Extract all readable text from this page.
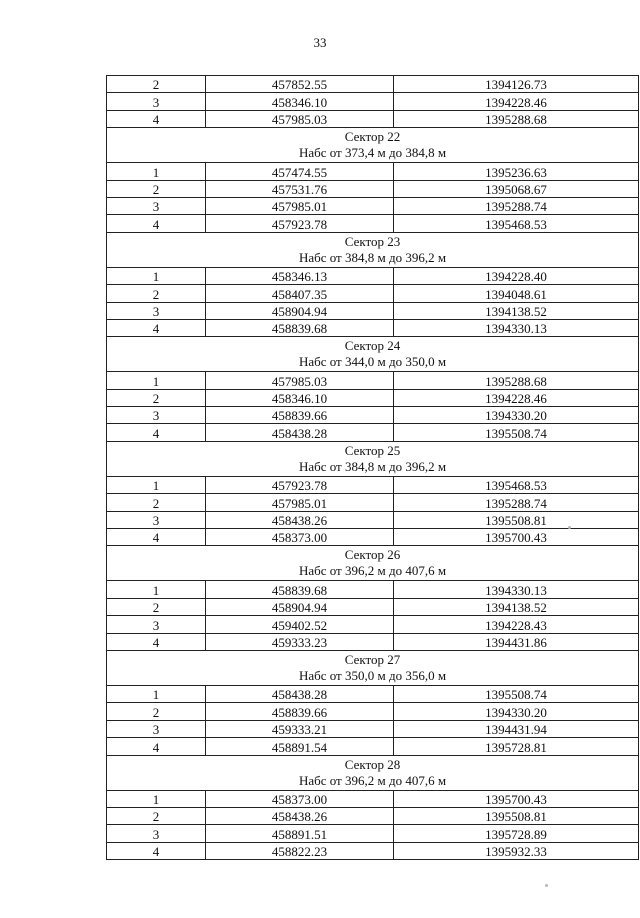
33
2	457852.55	1394126.73
3	458346.10	1394228.46
4	457985.03	1395288.68

Сектор 22
Набс от 373,4 м до 384,8 м		

1	457474.55	1395236.63
2	457531.76	1395068.67
3	457985.01	1395288.74
4	457923.78	1395468.53

Сектор 23
Набс от 384,8 м до 396,2 м		

1	458346.13	1394228.40
2	458407.35	1394048.61
3	458904.94	1394138.52
4	458839.68	1394330.13

Сектор 24
Набс от 344,0 м до 350,0 м		

1	457985.03	1395288.68
2	458346.10	1394228.46
3	458839.66	1394330.20
4	458438.28	1395508.74

Сектор 25
Набс от 384,8 м до 396,2 м		

1	457923.78	1395468.53
2	457985.01	1395288.74
3	458438.26	1395508.81
4	458373.00	1395700.43

Сектор 26
Набс от 396,2 м до 407,6 м		

1	458839.68	1394330.13
2	458904.94	1394138.52
3	459402.52	1394228.43
4	459333.23	1394431.86

Сектор 27
Набс от 350,0 м до 356,0 м		

1	458438.28	1395508.74
2	458839.66	1394330.20
3	459333.21	1394431.94
4	458891.54	1395728.81

Сектор 28
Набс от 396,2 м до 407,6 м		

1	458373.00	1395700.43
2	458438.26	1395508.81
3	458891.51	1395728.89
4	458822.23	1395932.33
